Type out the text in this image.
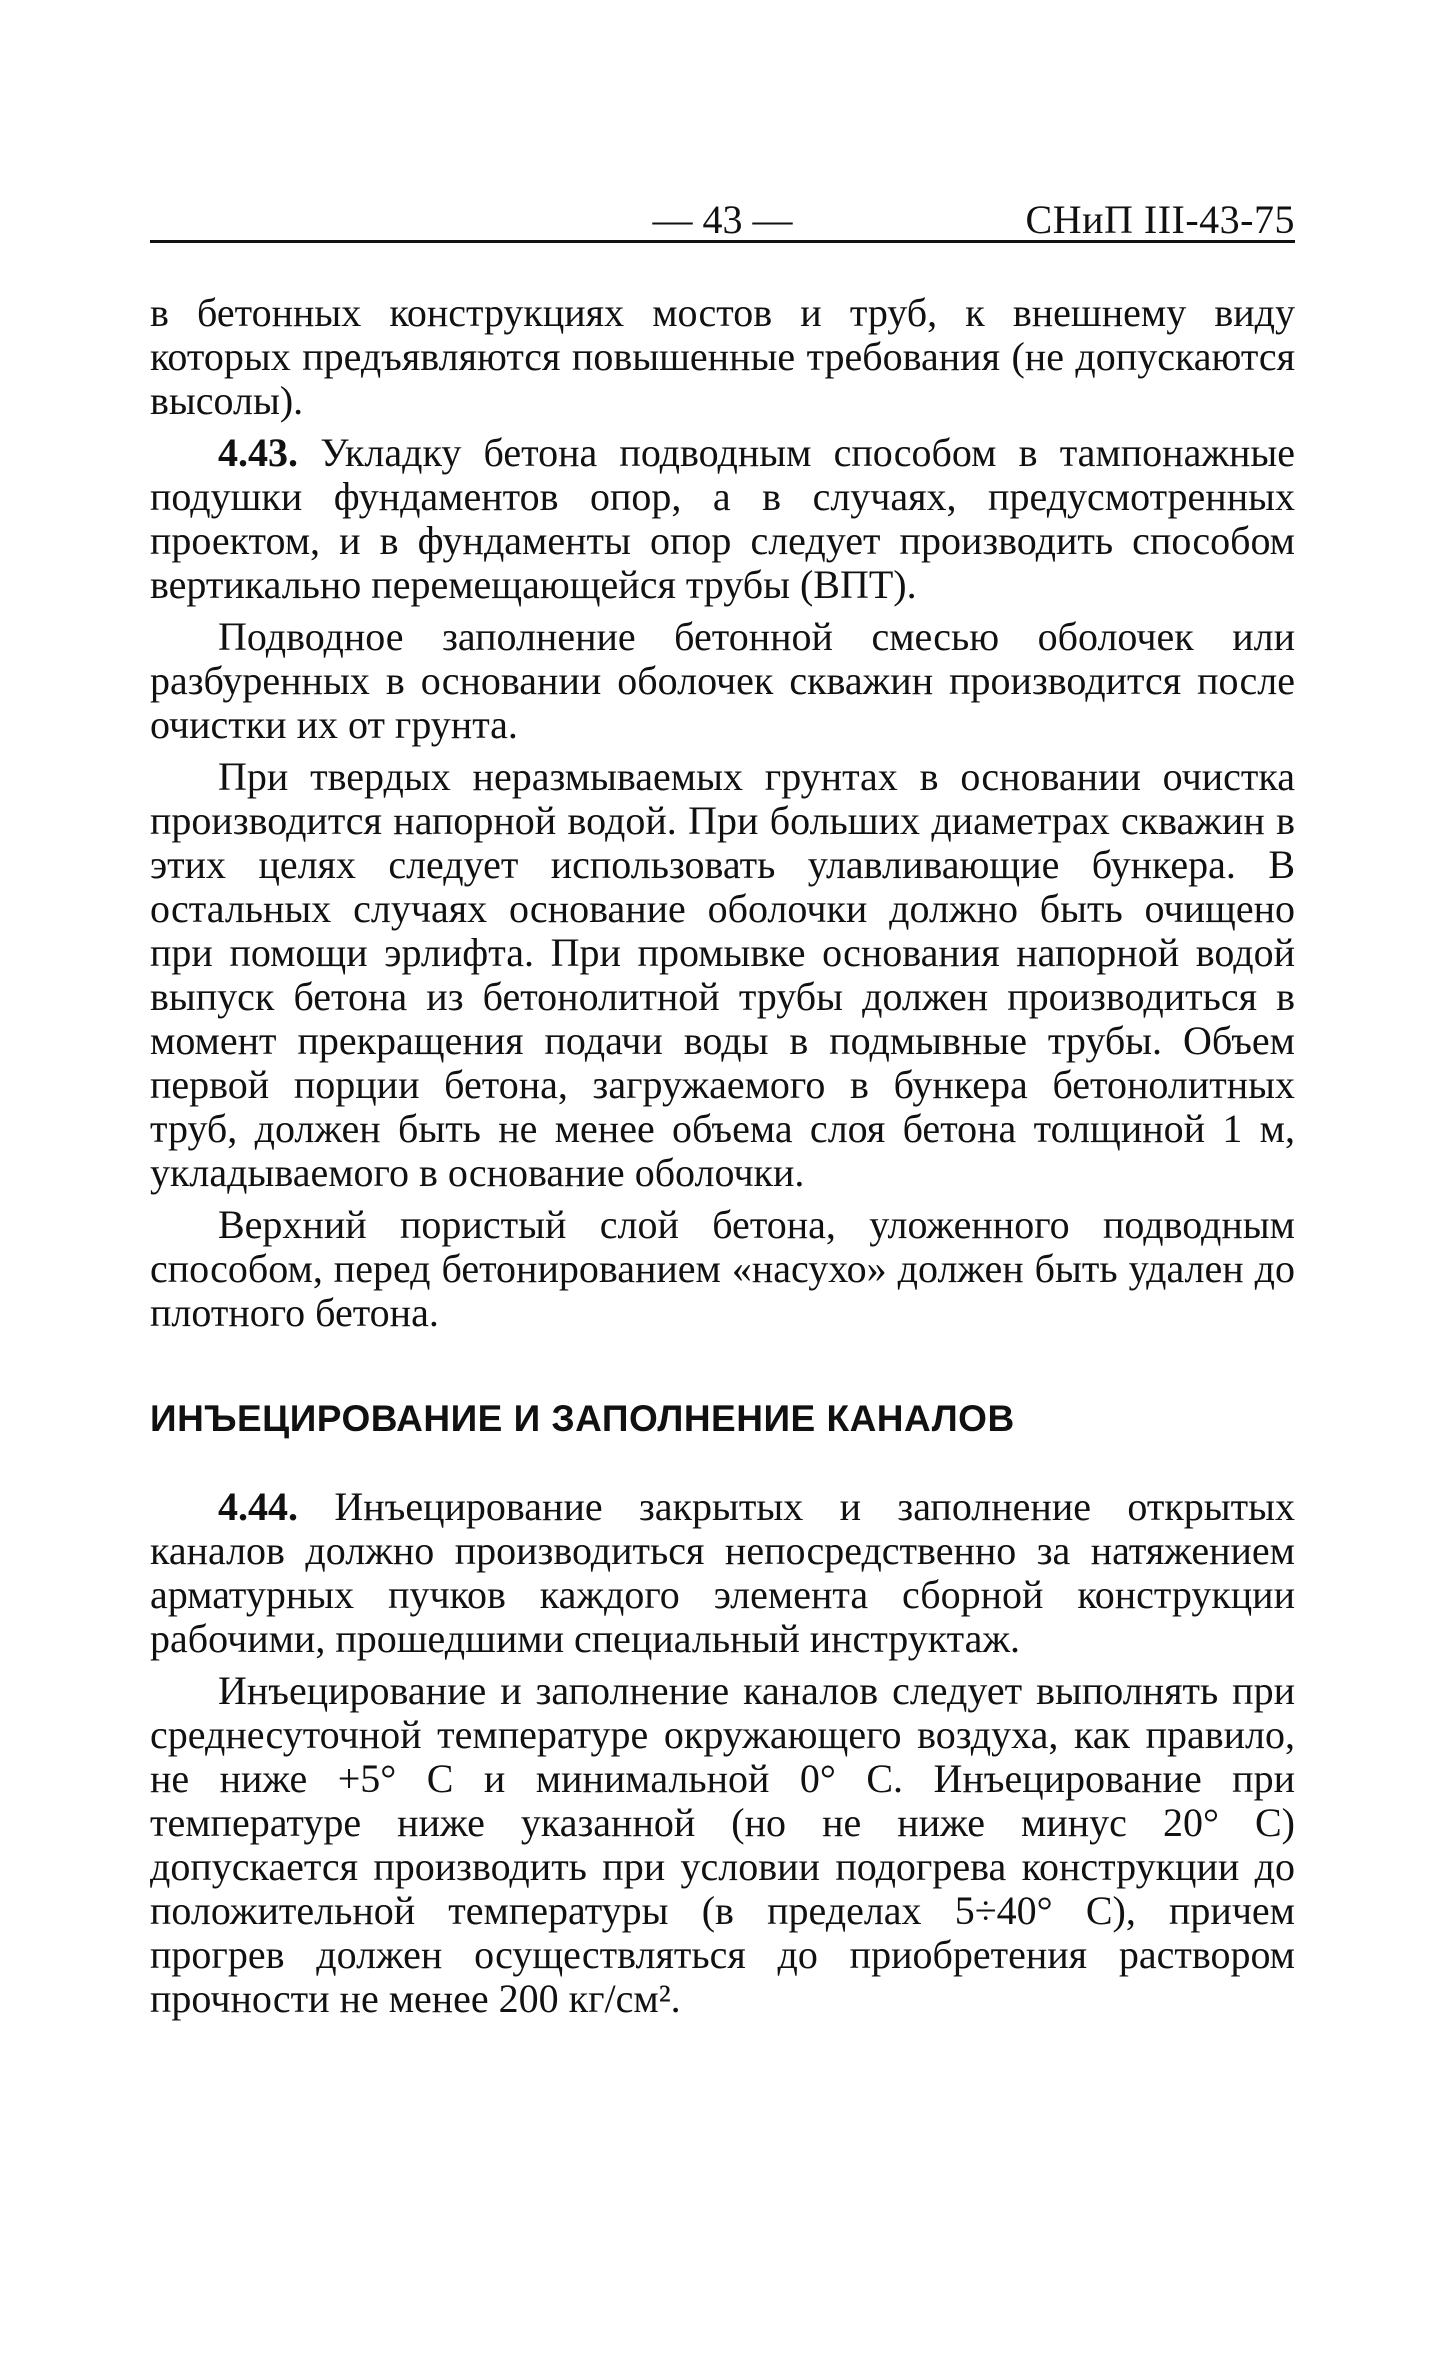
— 43 —	СНиП III-43-75

в бетонных конструкциях мостов и труб, к внешнему виду которых предъявляются повышенные требования (не допускаются высолы).

4.43. Укладку бетона подводным способом в тампонажные подушки фундаментов опор, а в случаях, предусмотренных проектом, и в фундаменты опор следует производить способом вертикально перемещающейся трубы (ВПТ).

Подводное заполнение бетонной смесью оболочек или разбуренных в основании оболочек скважин производится после очистки их от грунта.

При твердых неразмываемых грунтах в основании очистка производится напорной водой. При больших диаметрах скважин в этих целях следует использовать улавливающие бункера. В остальных случаях основание оболочки должно быть очищено при помощи эрлифта. При промывке основания напорной водой выпуск бетона из бетонолитной трубы должен производиться в момент прекращения подачи воды в подмывные трубы. Объем первой порции бетона, загружаемого в бункера бетонолитных труб, должен быть не менее объема слоя бетона толщиной 1 м, укладываемого в основание оболочки.

Верхний пористый слой бетона, уложенного подводным способом, перед бетонированием «насухо» должен быть удален до плотного бетона.

ИНЪЕЦИРОВАНИЕ И ЗАПОЛНЕНИЕ КАНАЛОВ

4.44. Инъецирование закрытых и заполнение открытых каналов должно производиться непосредственно за натяжением арматурных пучков каждого элемента сборной конструкции рабочими, прошедшими специальный инструктаж.

Инъецирование и заполнение каналов следует выполнять при среднесуточной температуре окружающего воздуха, как правило, не ниже +5° С и минимальной 0° С. Инъецирование при температуре ниже указанной (но не ниже минус 20° С) допускается производить при условии подогрева конструкции до положительной температуры (в пределах 5÷40° С), причем прогрев должен осуществляться до приобретения раствором прочности не менее 200 кг/см².
